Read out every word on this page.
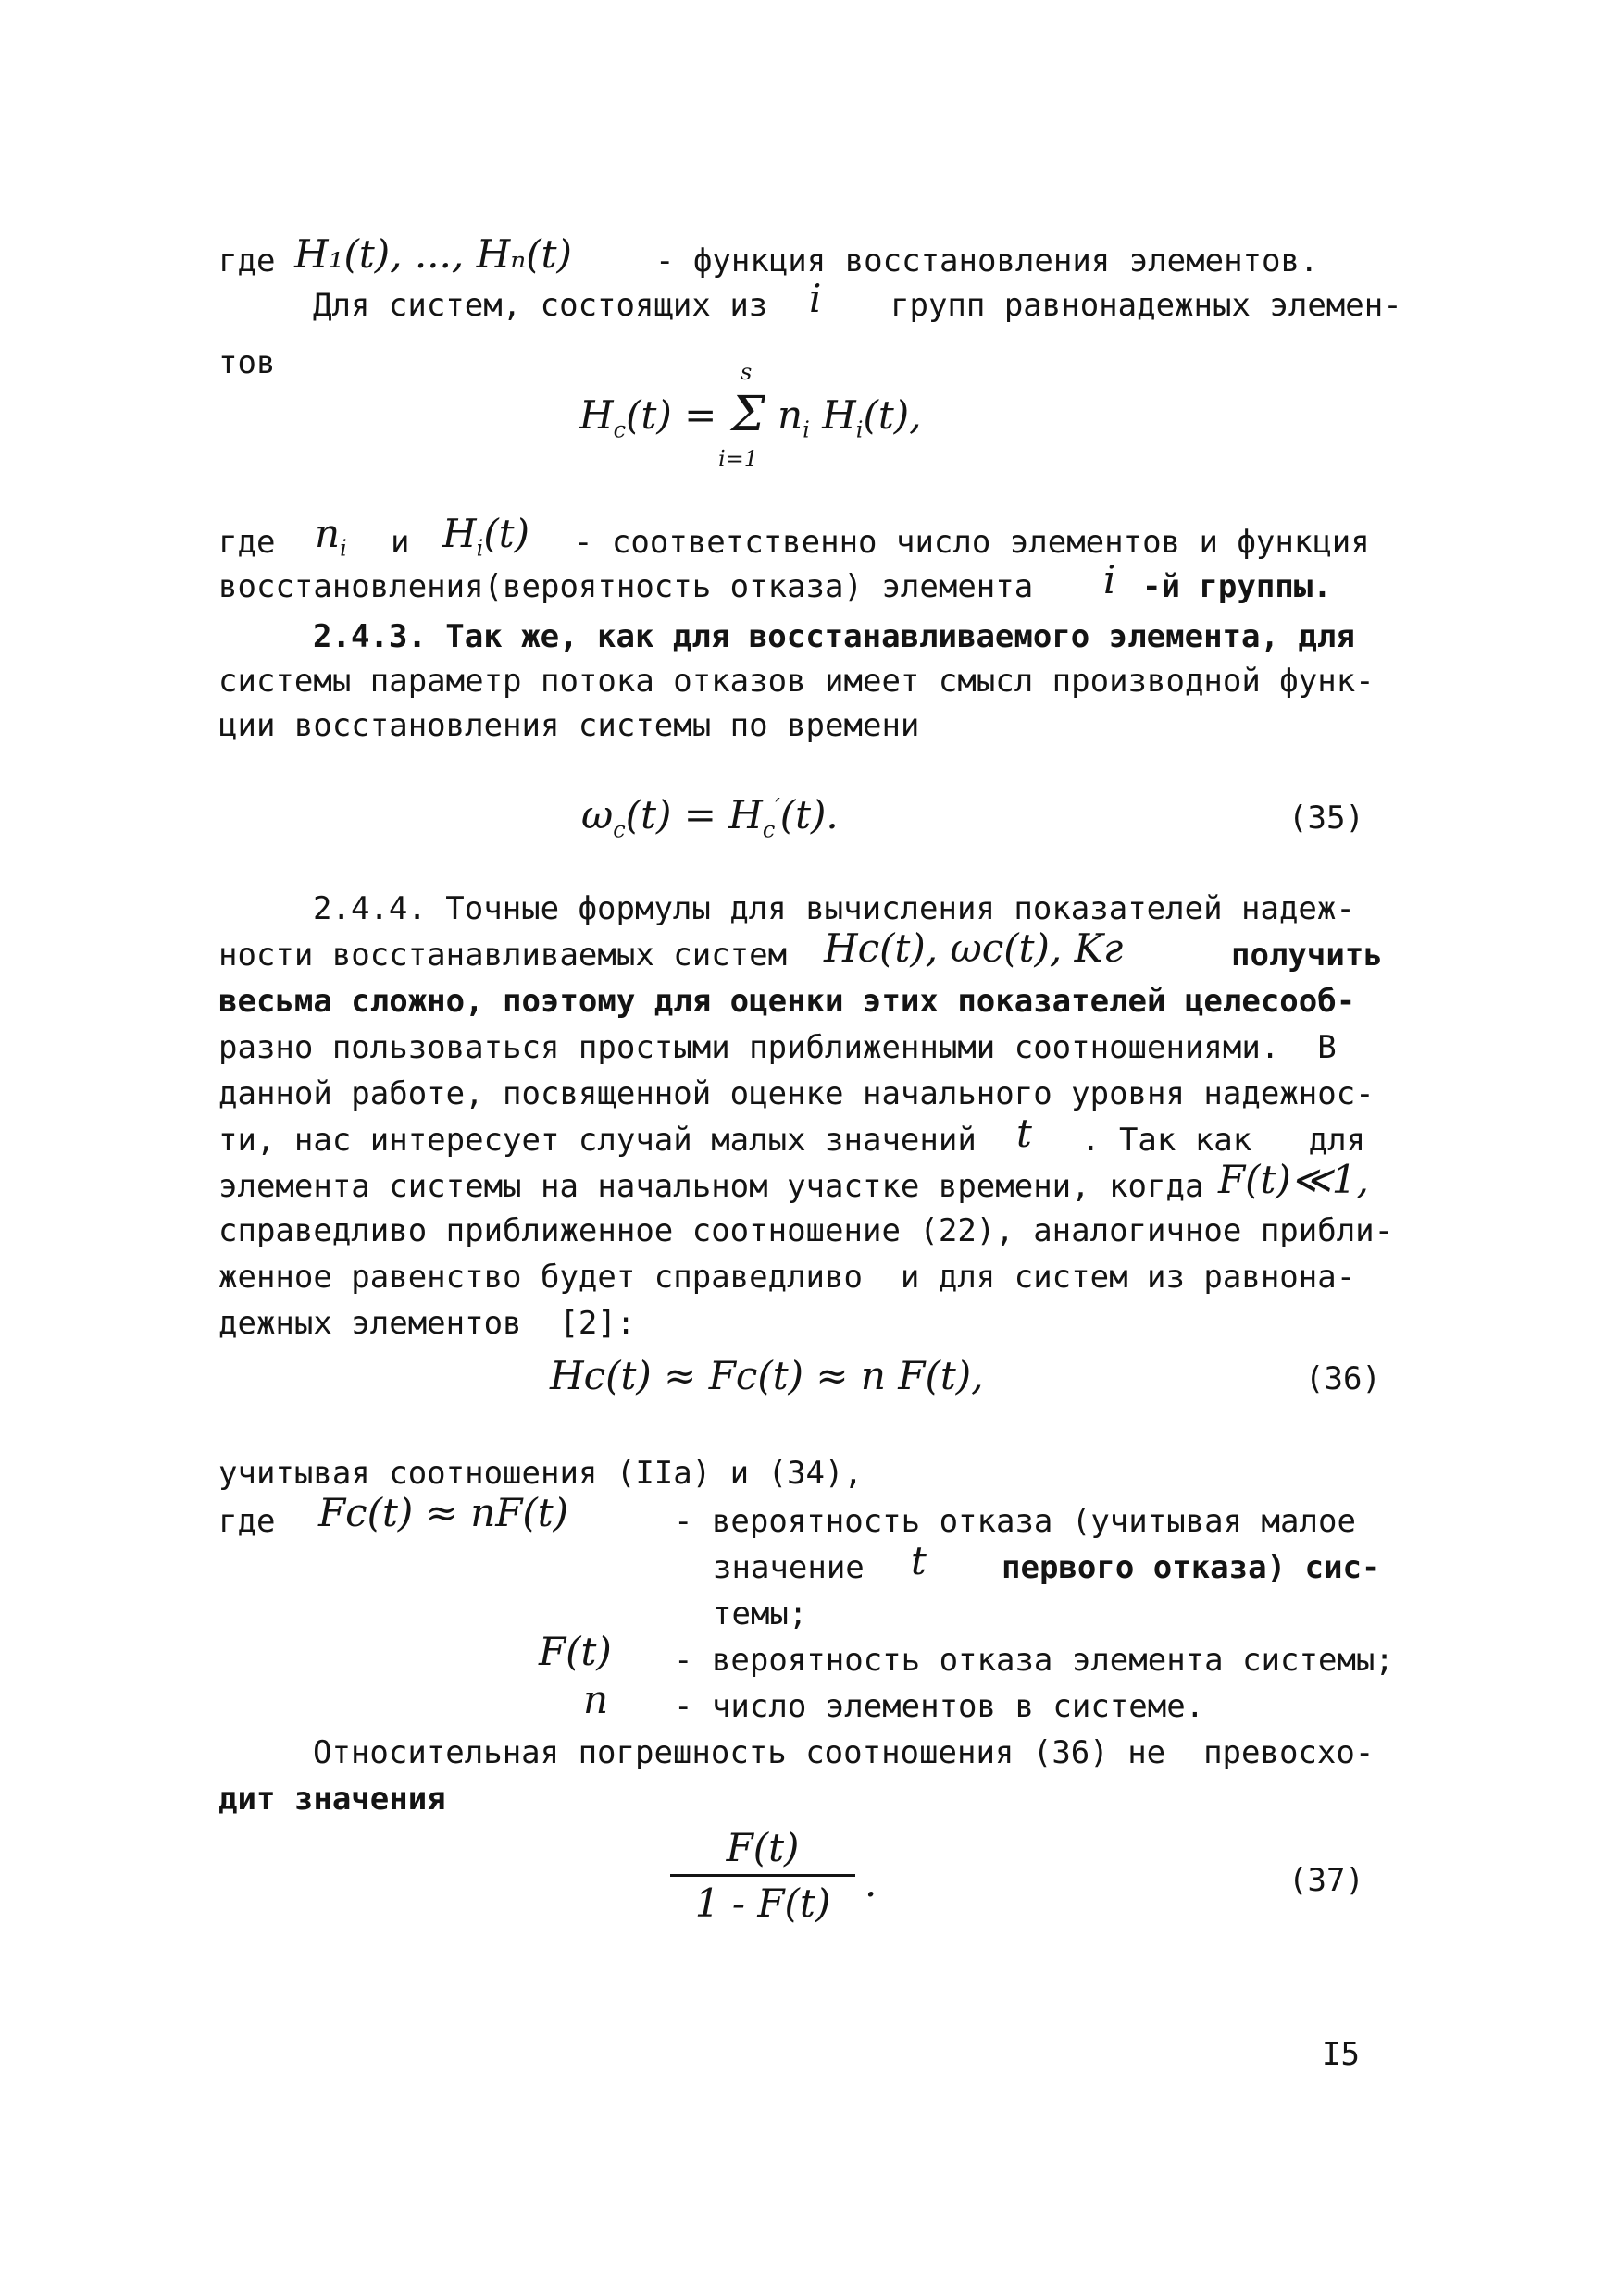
где H₁(t), ..., Hₙ(t)	- функция восстановления элементов.
Для систем, состоящих из i групп равнонадежных элемен-
тов	s
$H_c(t) = \Sigma$
i=1
$n_i$ $H_i(t)$,
где $n_i$ и $H_i(t)$ - соответственно число элементов и функция
восстановления(вероятность отказа) элемента i -й группы.
2.4.3. Так же, как для восстанавливаемого элемента, для
системы параметр потока отказов имеет смысл производной функ-
ции восстановления системы по времени
$\omega_c(t) = H_c'(t)$.	(35)
2.4.4. Точные формулы для вычисления показателей надеж-
ности восстанавливаемых систем Hc(t), ωc(t), Kг	получить
весьма сложно, поэтому для оценки этих показателей целесооб-
разно пользоваться простыми приближенными соотношениями.  В
данной работе, посвященной оценке начального уровня надежнос-
ти, нас интересует случай малых значений t . Так как   для
элемента системы на начальном участке времени, когда F(t)≪1,
справедливо приближенное соотношение (22), аналогичное прибли-
женное равенство будет справедливо  и для систем из равнона-
дежных элементов  [2]:
Hc(t) ≈ Fc(t) ≈ n F(t),	(36)
учитывая соотношения (IIa) и (34),
где Fc(t) ≈ nF(t)	- вероятность отказа (учитывая малое
значение t первого отказа) сис-
темы;
F(t) - вероятность отказа элемента системы;
n - число элементов в системе.
Относительная погрешность соотношения (36) не  превосхо-
дит значения
F(t)
1 - F(t) .	(37)
I5
